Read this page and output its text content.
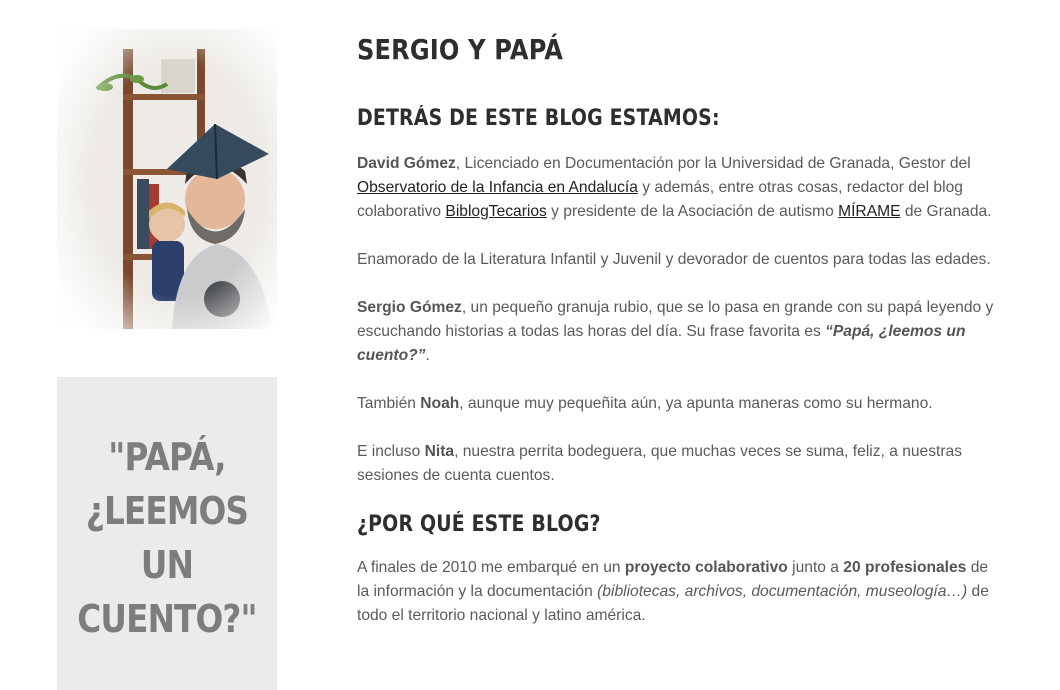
"PAPÁ,
¿LEEMOS
UN
CUENTO?"
SERGIO Y PAPÁ
DETRÁS DE ESTE BLOG ESTAMOS:

David Gómez, Licenciado en Documentación por la Universidad de Granada, Gestor del Observatorio de la Infancia en Andalucía y además, entre otras cosas, redactor del blog colaborativo BiblogTecarios y presidente de la Asociación de autismo MÍRAME de Granada.

Enamorado de la Literatura Infantil y Juvenil y devorador de cuentos para todas las edades.

Sergio Gómez, un pequeño granuja rubio, que se lo pasa en grande con su papá leyendo y escuchando historias a todas las horas del día. Su frase favorita es “Papá, ¿leemos un cuento?”.

También Noah, aunque muy pequeñita aún, ya apunta maneras como su hermano.

E incluso Nita, nuestra perrita bodeguera, que muchas veces se suma, feliz, a nuestras sesiones de cuenta cuentos.

¿POR QUÉ ESTE BLOG?

A finales de 2010 me embarqué en un proyecto colaborativo junto a 20 profesionales de la información y la documentación (bibliotecas, archivos, documentación, museología…) de todo el territorio nacional y latino américa.
